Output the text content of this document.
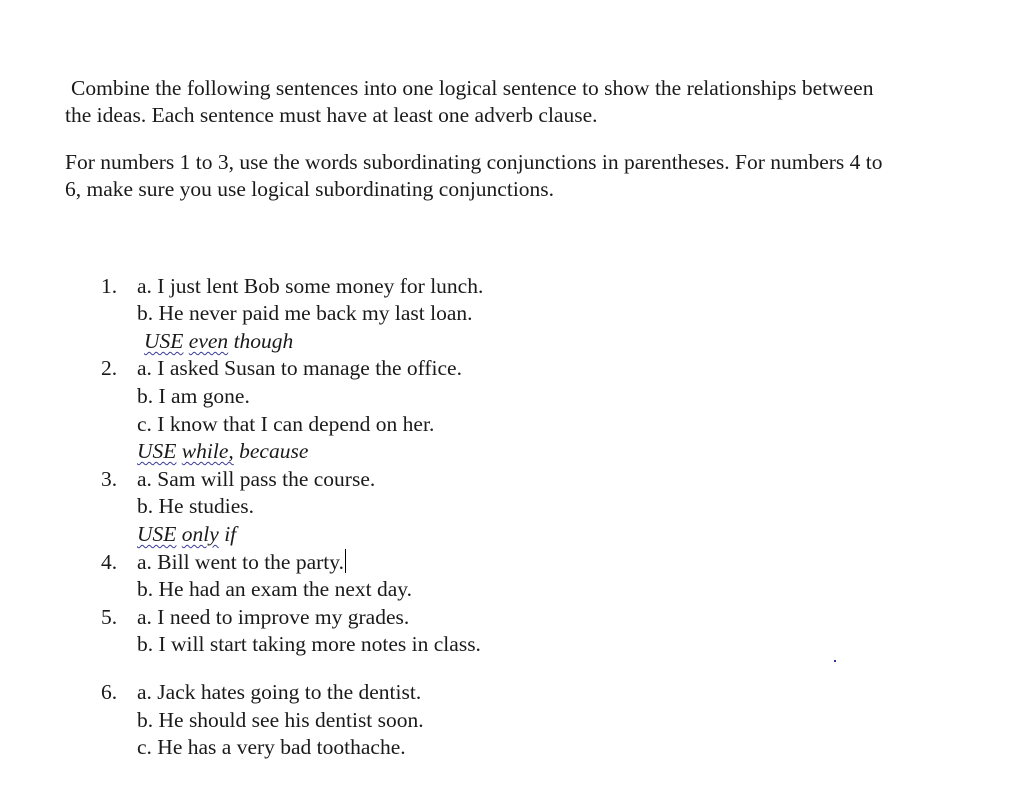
Combine the following sentences into one logical sentence to show the relationships between
the ideas. Each sentence must have at least one adverb clause.

For numbers 1 to 3, use the words subordinating conjunctions in parentheses. For numbers 4 to
6, make sure you use logical subordinating conjunctions.

1. a. I just lent Bob some money for lunch.
b. He never paid me back my last loan.
USE even though
2. a. I asked Susan to manage the office.
b. I am gone.
c. I know that I can depend on her.
USE while, because
3. a. Sam will pass the course.
b. He studies.
USE only if
4. a. Bill went to the party.
b. He had an exam the next day.
5. a. I need to improve my grades.
b. I will start taking more notes in class.
6. a. Jack hates going to the dentist.
b. He should see his dentist soon.
c. He has a very bad toothache.
